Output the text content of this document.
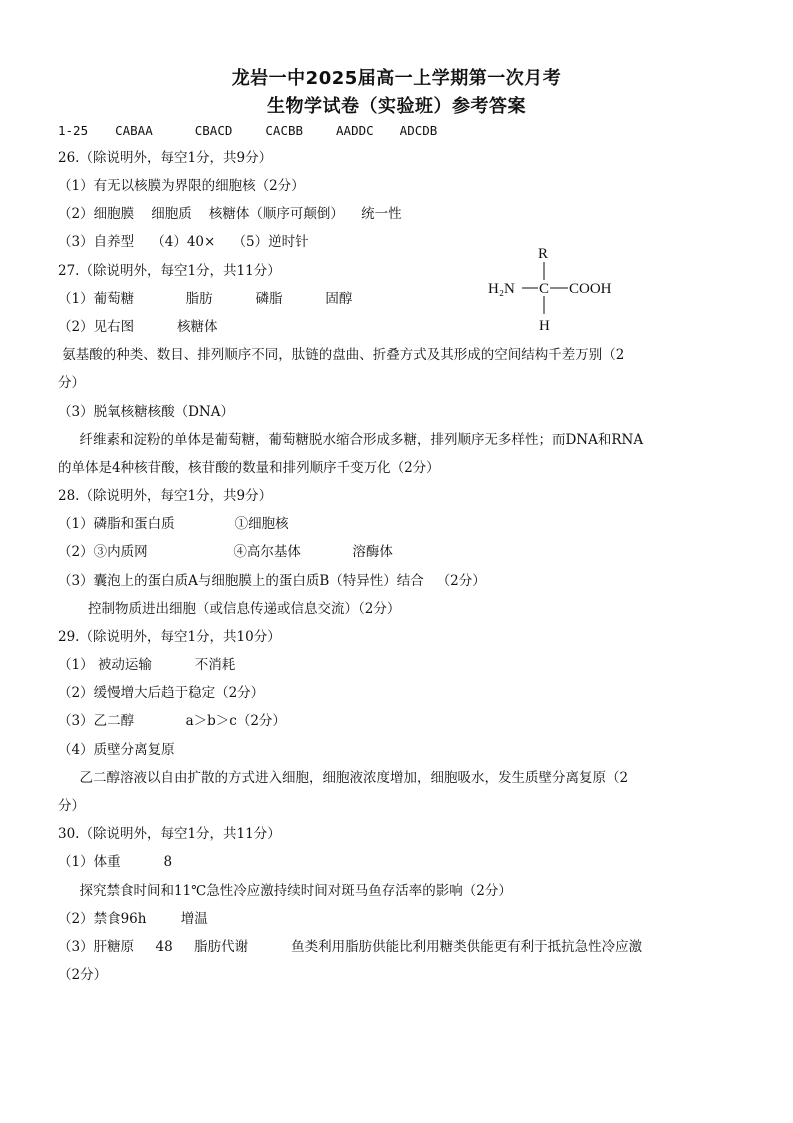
龙岩一中2025届高一上学期第一次月考
生物学试卷（实验班）参考答案
1-25 CABAA	CBACD	CACBB	AADDC ADCDB
26.（除说明外，每空1分，共9分）
（1）有无以核膜为界限的细胞核（2分）
（2）细胞膜    细胞质    核糖体（顺序可颠倒）    统一性
（3）自养型    （4）40×    （5）逆时针
27.（除说明外，每空1分，共11分）
（1）葡萄糖            脂肪          磷脂          固醇
（2）见右图          核糖体
氨基酸的种类、数目、排列顺序不同，肽链的盘曲、折叠方式及其形成的空间结构千差万别（2
分）
（3）脱氧核糖核酸（DNA）
纤维素和淀粉的单体是葡萄糖，葡萄糖脱水缩合形成多糖，排列顺序无多样性；而DNA和RNA
的单体是4种核苷酸，核苷酸的数量和排列顺序千变万化（2分）
R
H₂N C COOH
H
28.（除说明外，每空1分，共9分）
（1）磷脂和蛋白质              ①细胞核
（2）③内质网                    ④高尔基体            溶酶体
（3）囊泡上的蛋白质A与细胞膜上的蛋白质B（特异性）结合   （2分）
控制物质进出细胞（或信息传递或信息交流）（2分）
29.（除说明外，每空1分，共10分）
（1） 被动运输          不消耗
（2）缓慢增大后趋于稳定（2分）
（3）乙二醇            a＞b＞c（2分）
（4）质壁分离复原
乙二醇溶液以自由扩散的方式进入细胞，细胞液浓度增加，细胞吸水，发生质壁分离复原（2
分）
30.（除说明外，每空1分，共11分）
（1）体重          8
探究禁食时间和11℃急性冷应激持续时间对斑马鱼存活率的影响（2分）
（2）禁食96h        增温
（3）肝糖原     48     脂肪代谢          鱼类利用脂肪供能比利用糖类供能更有利于抵抗急性冷应激
（2分）
